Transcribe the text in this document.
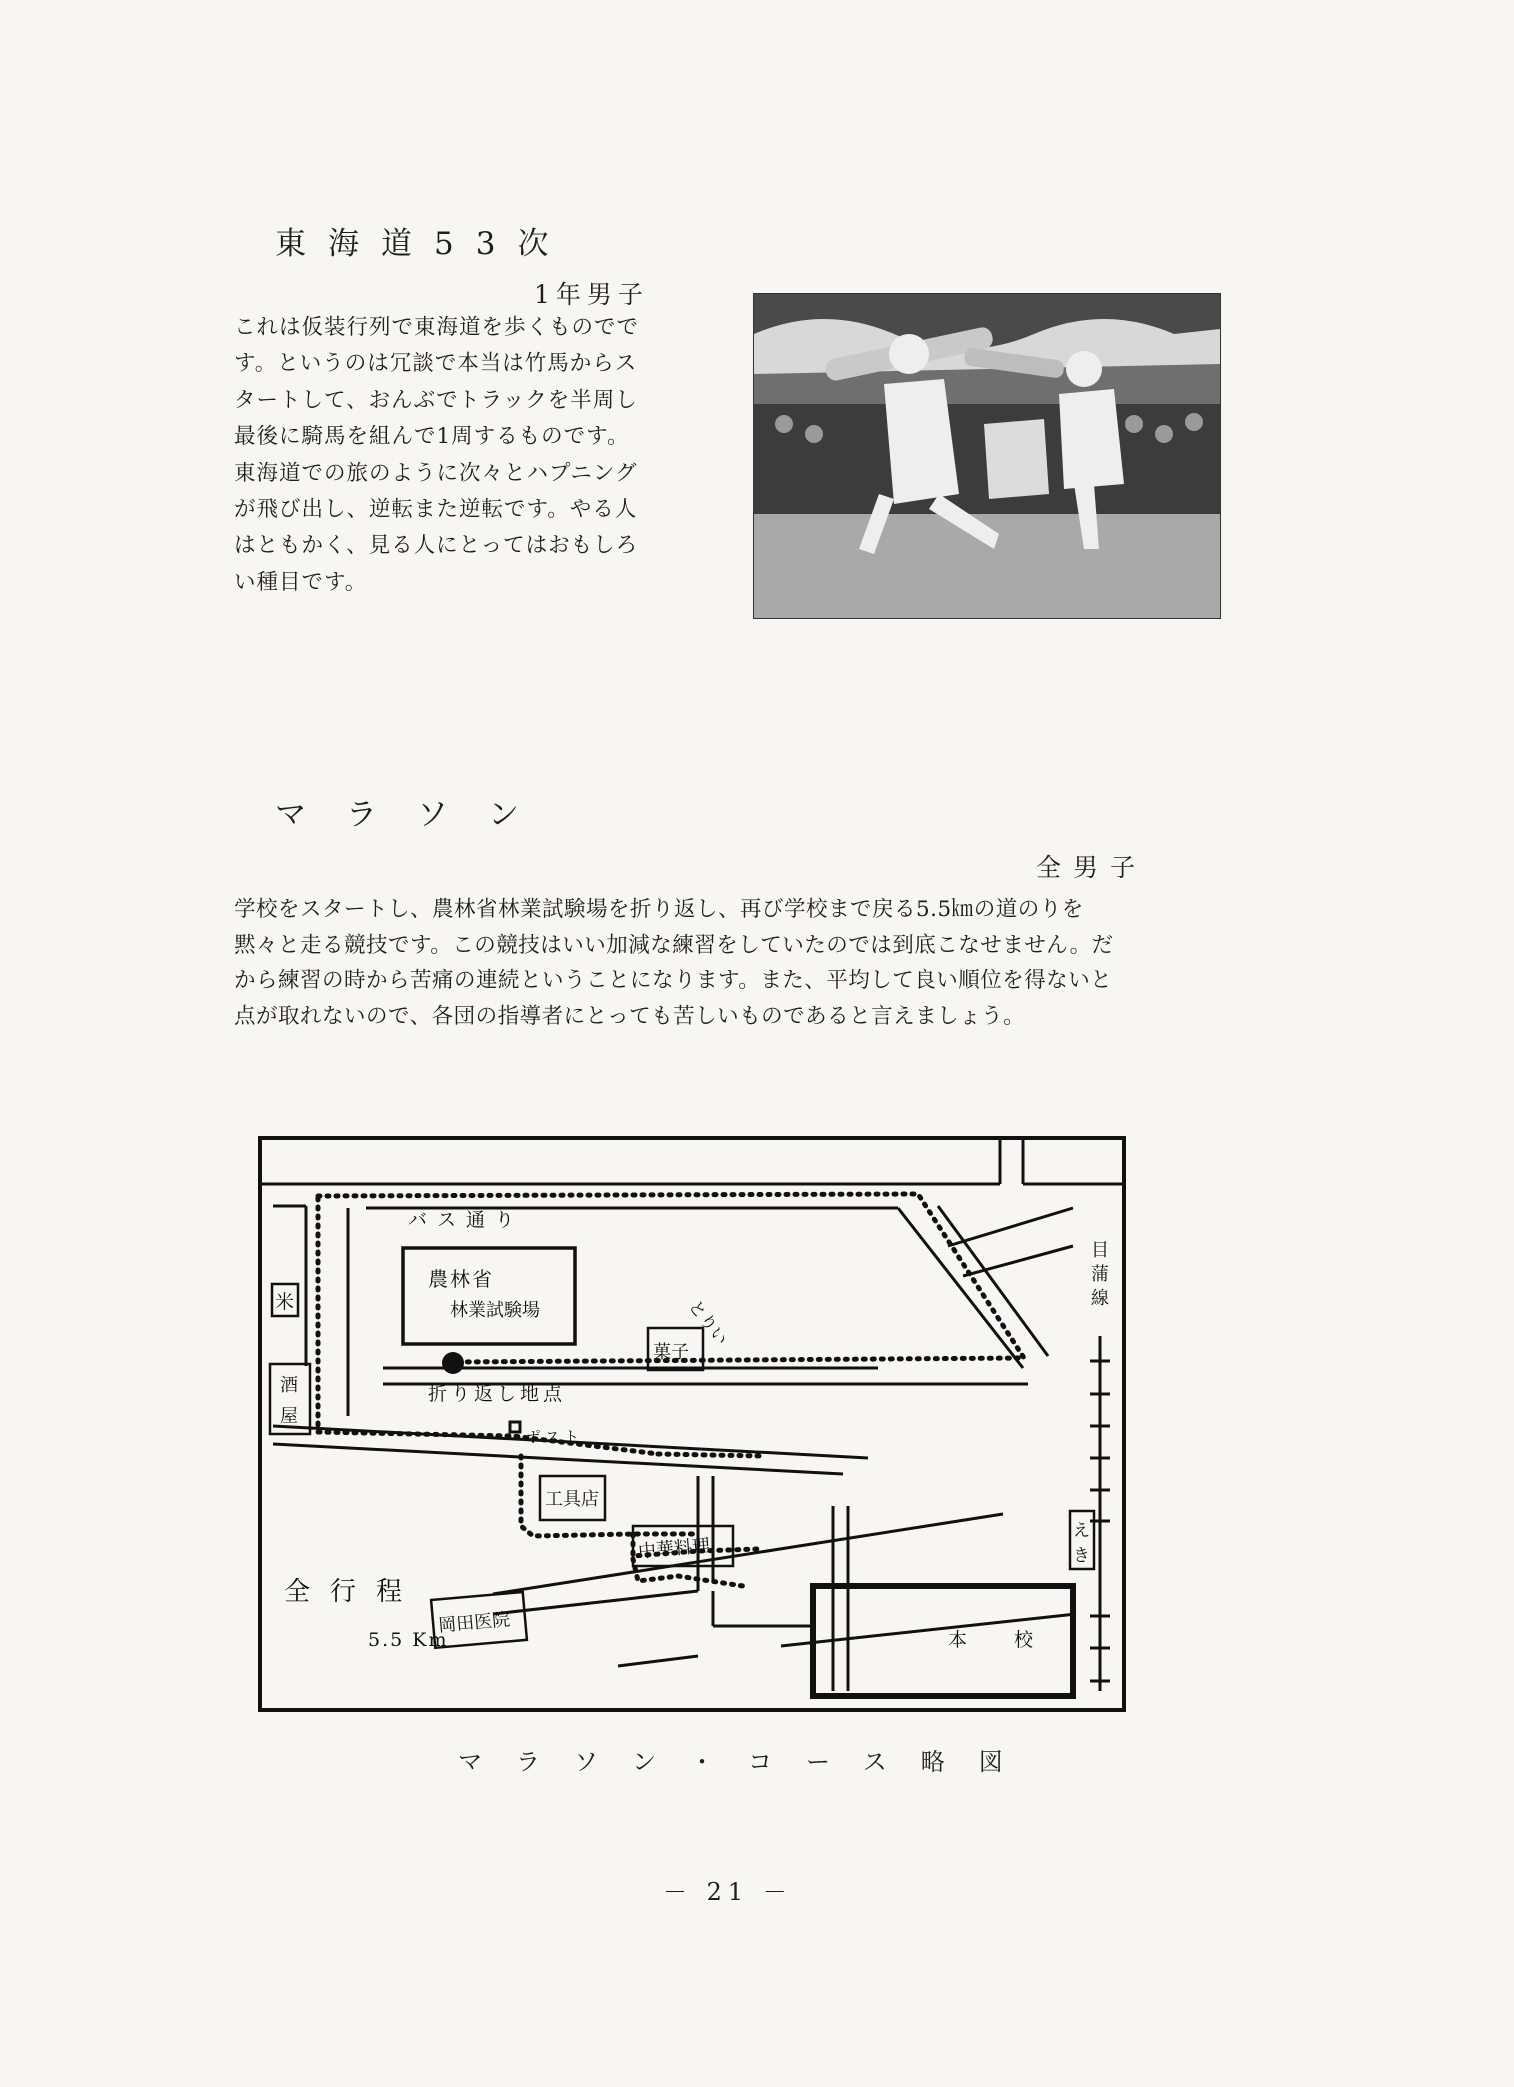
東海道53次
1年男子
これは仮装行列で東海道を歩くものでで
す。というのは冗談で本当は竹馬からス
タートして、おんぶでトラックを半周し
最後に騎馬を組んで1周するものです。
東海道での旅のように次々とハプニング
が飛び出し、逆転また逆転です。やる人
はともかく、見る人にとってはおもしろ
い種目です。
マラソン
全男子
学校をスタートし、農林省林業試験場を折り返し、再び学校まで戻る5.5㎞の道のりを
黙々と走る競技です。この競技はいい加減な練習をしていたのでは到底こなせません。だ
から練習の時から苦痛の連続ということになります。また、平均して良い順位を得ないと
点が取れないので、各団の指導者にとっても苦しいものであると言えましょう。
バス通り
農林省
林業試験場
米
酒
屋
菓子
とりい
目
蒲
線
え
き
折り返し地点
ポスト
工具店
中華料理
岡田医院
本　校
全行程
5.5 Km
マラソン・コース略図
－ 21 －
